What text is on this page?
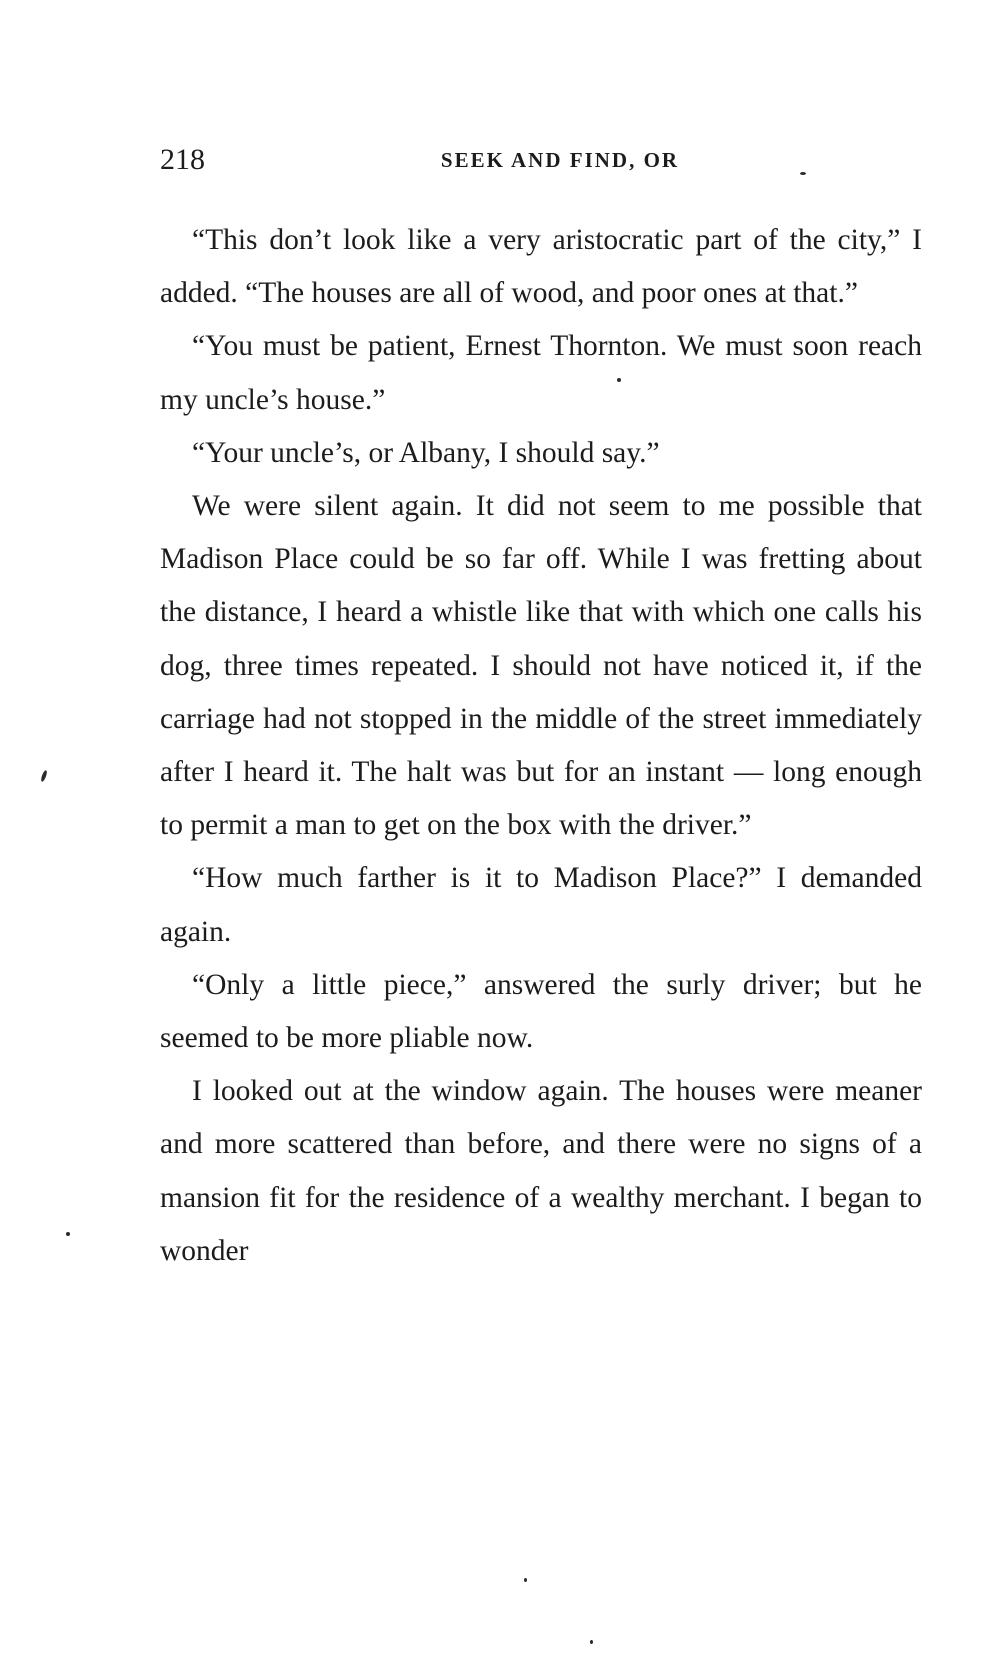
218	SEEK AND FIND, OR

“This don’t look like a very aristocratic part of the city,” I added. “The houses are all of wood, and poor ones at that.”

“You must be patient, Ernest Thornton. We must soon reach my uncle’s house.”

“Your uncle’s, or Albany, I should say.”

We were silent again. It did not seem to me possible that Madison Place could be so far off. While I was fretting about the distance, I heard a whistle like that with which one calls his dog, three times repeated. I should not have noticed it, if the carriage had not stopped in the middle of the street immediately after I heard it. The halt was but for an instant — long enough to permit a man to get on the box with the driver.”

“How much farther is it to Madison Place?” I demanded again.

“Only a little piece,” answered the surly driver; but he seemed to be more pliable now.

I looked out at the window again. The houses were meaner and more scattered than before, and there were no signs of a mansion fit for the residence of a wealthy merchant. I began to wonder
